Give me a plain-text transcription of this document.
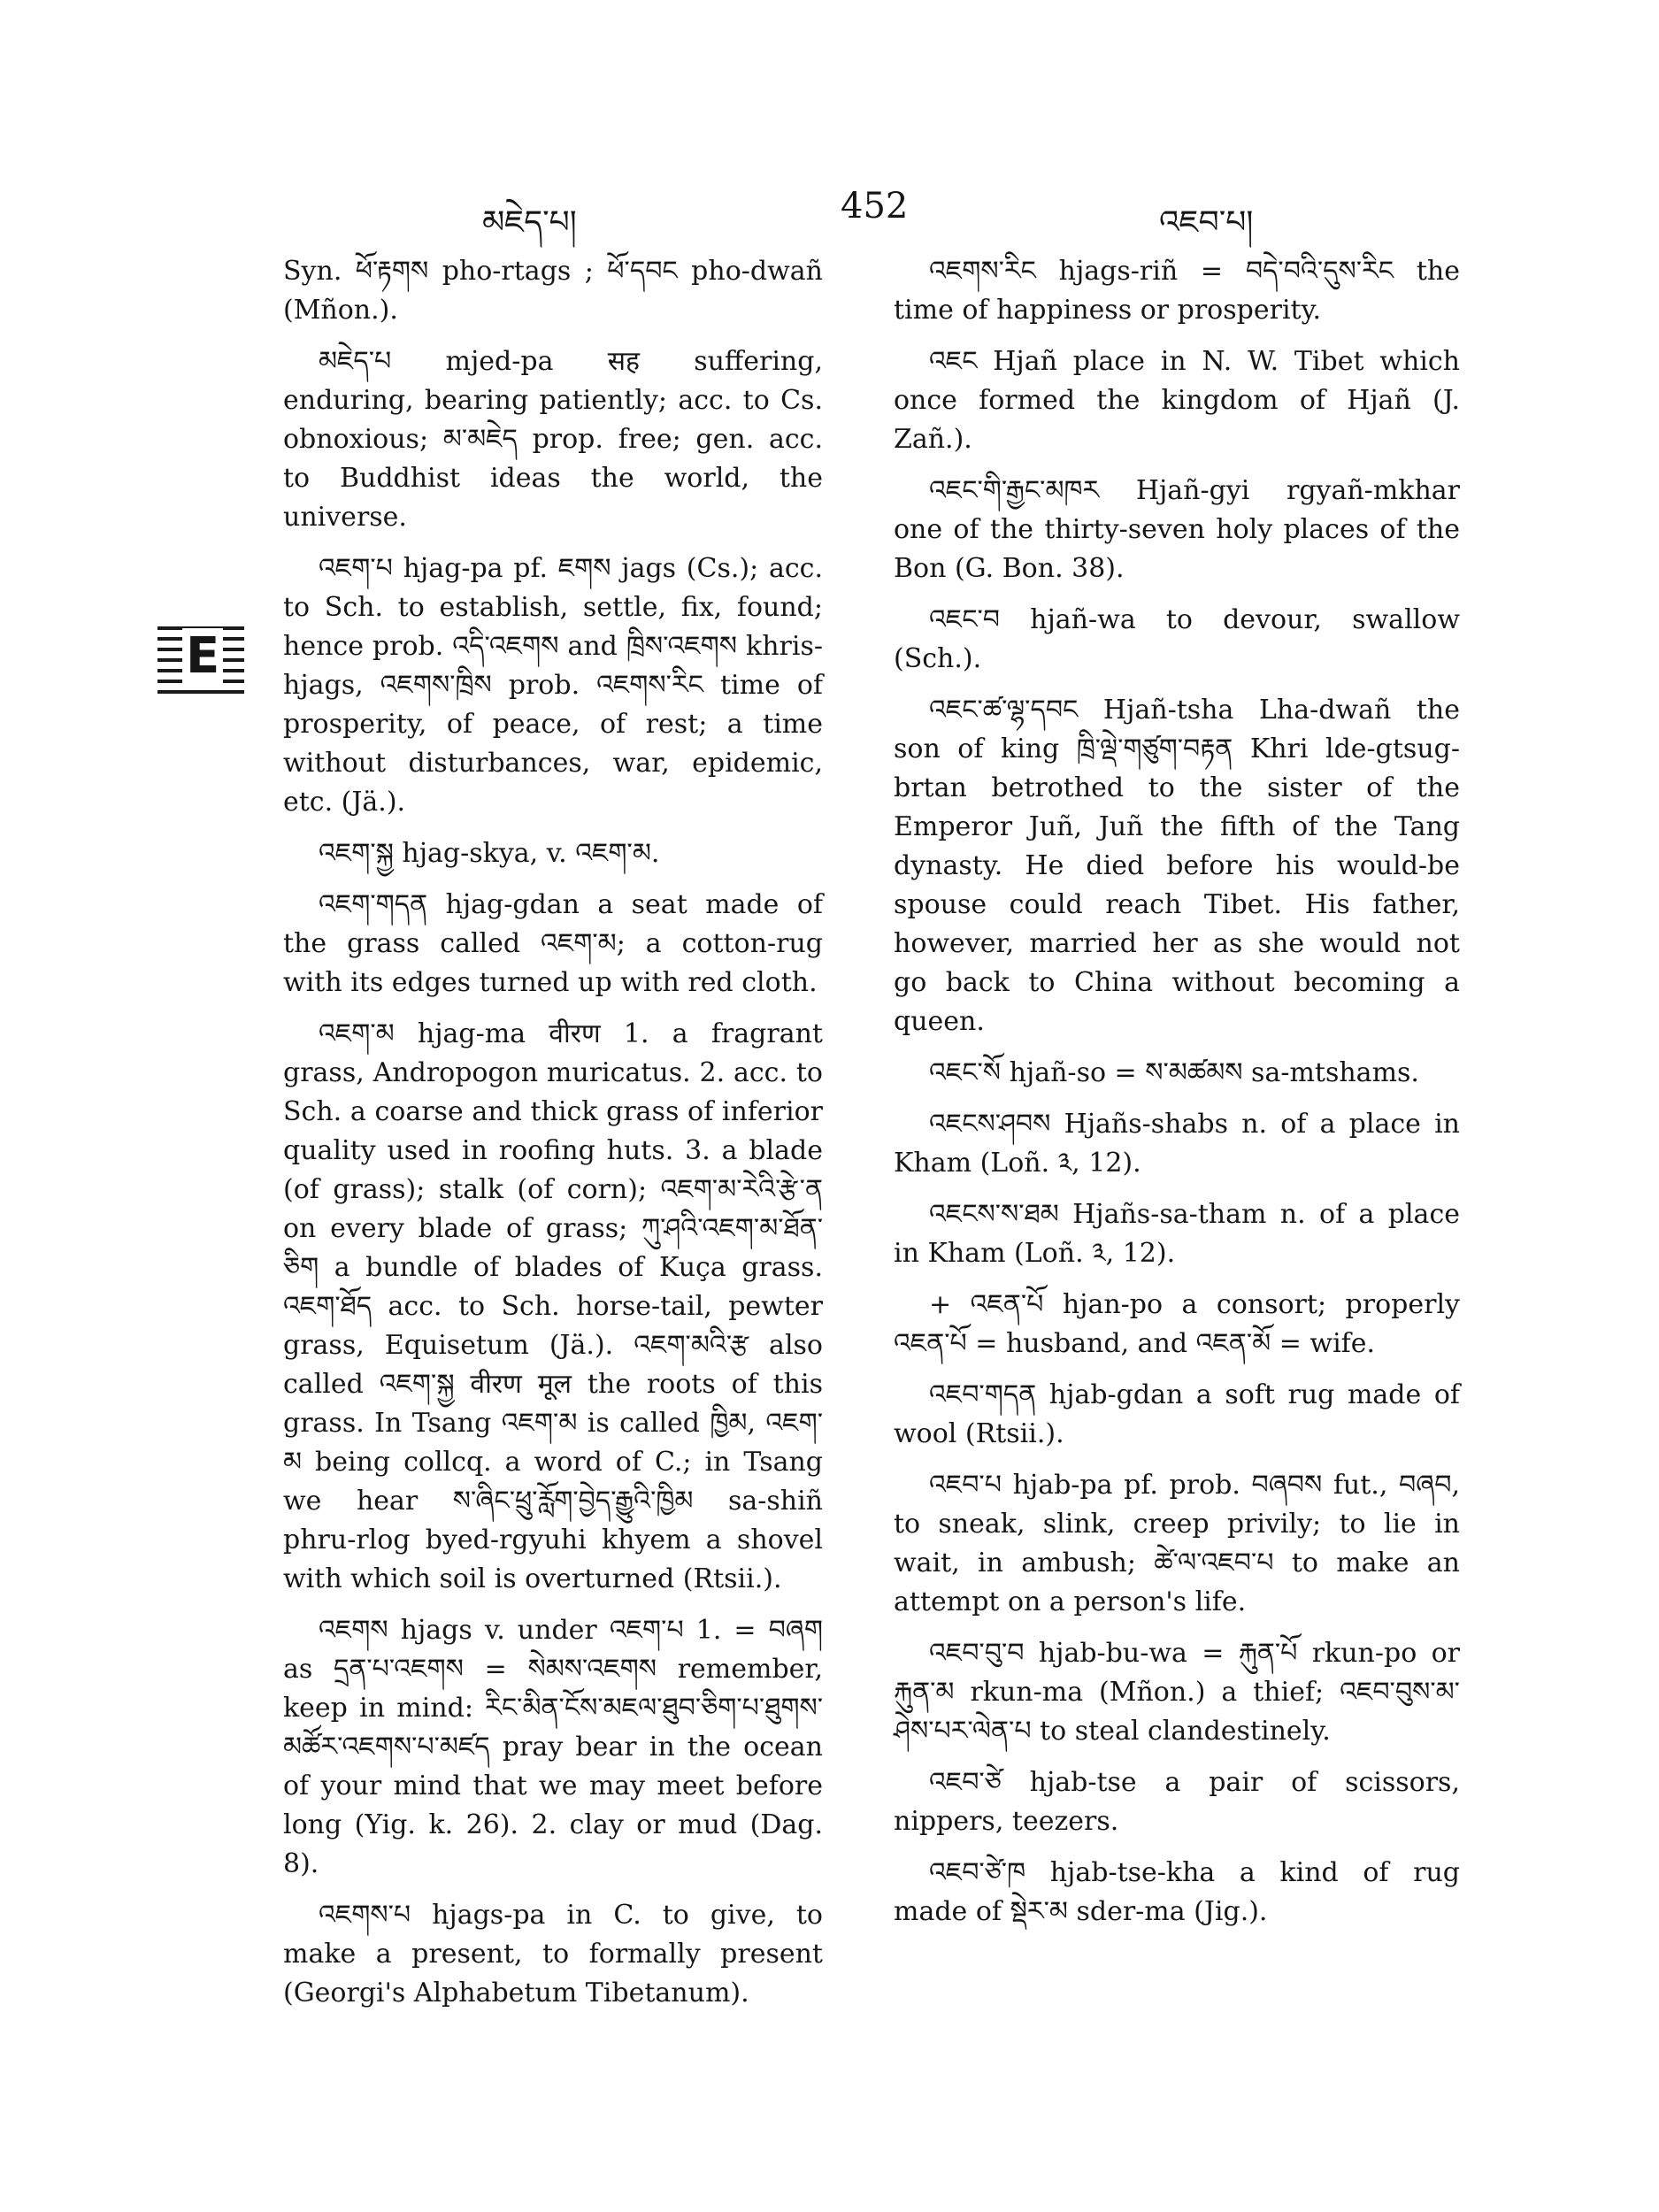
མཇེད་པ།	452	འཇབ་པ།
E

Syn. ཕོ་རྟགས pho-rtags ; ཕོ་དབང pho-dwañ (Mñon.).

མཇེད་པ mjed-pa सह suffering, enduring, bearing patiently; acc. to Cs. obnoxious; མ་མཇེད prop. free; gen. acc. to Buddhist ideas the world, the universe.

འཇག་པ hjag-pa pf. ཇགས jags (Cs.); acc. to Sch. to establish, settle, fix, found; hence prob. འདི་འཇགས and ཁྲིས་འཇགས khris-hjags, འཇགས་ཁྲིས prob. འཇགས་རིང time of prosperity, of peace, of rest; a time without disturbances, war, epidemic, etc. (Jä.).

འཇག་སྐྱ hjag-skya, v. འཇག་མ.

འཇག་གདན hjag-gdan a seat made of the grass called འཇག་མ; a cotton-rug with its edges turned up with red cloth.

འཇག་མ hjag-ma वीरण 1. a fragrant grass, Andropogon muricatus. 2. acc. to Sch. a coarse and thick grass of inferior quality used in roofing huts. 3. a blade (of grass); stalk (of corn); འཇག་མ་རེའི་རྩེ་ན on every blade of grass; ཀུ་ཤའི་འཇག་མ་ཐོན་ཅིག a bundle of blades of Kuça grass. འཇག་ཐོད acc. to Sch. horse-tail, pewter grass, Equisetum (Jä.). འཇག་མའི་རྩ also called འཇག་སྐྱ वीरण मूल the roots of this grass. In Tsang འཇག་མ is called ཁྱིམ, འཇག་མ being collcq. a word of C.; in Tsang we hear ས་ཞིང་ཕྲུ་རློག་བྱེད་རྒྱུའི་ཁྱིམ sa-shiñ phru-rlog byed-rgyuhi khyem a shovel with which soil is overturned (Rtsii.).

འཇགས hjags v. under འཇག་པ 1. = བཞག as དྲན་པ་འཇགས = སེམས་འཇགས remember, keep in mind: རིང་མིན་ངོས་མཇལ་ཐུབ་ཅིག་པ་ཐུགས་མཚོར་འཇགས་པ་མཛད pray bear in the ocean of your mind that we may meet before long (Yig. k. 26). 2. clay or mud (Dag. 8).

འཇགས་པ hjags-pa in C. to give, to make a present, to formally present (Georgi's Alphabetum Tibetanum).

འཇགས་རིང hjags-riñ = བདེ་བའི་དུས་རིང the time of happiness or prosperity.

འཇང Hjañ place in N. W. Tibet which once formed the kingdom of Hjañ (J. Zañ.).

འཇང་གི་རྒྱང་མཁར Hjañ-gyi rgyañ-mkhar one of the thirty-seven holy places of the Bon (G. Bon. 38).

འཇང་བ hjañ-wa to devour, swallow (Sch.).

འཇང་ཚ་ལྷ་དབང Hjañ-tsha Lha-dwañ the son of king ཁྲི་ལྡེ་གཙུག་བརྟན Khri lde-gtsug-brtan betrothed to the sister of the Emperor Juñ, Juñ the fifth of the Tang dynasty. He died before his would-be spouse could reach Tibet. His father, however, married her as she would not go back to China without becoming a queen.

འཇང་སོ hjañ-so = ས་མཚམས sa-mtshams.

འཇངས་ཤབས Hjañs-shabs n. of a place in Kham (Loñ. ༣, 12).

འཇངས་ས་ཐམ Hjañs-sa-tham n. of a place in Kham (Loñ. ༣, 12).

+ འཇན་པོ hjan-po a consort; properly འཇན་པོ = husband, and འཇན་མོ = wife.

འཇབ་གདན hjab-gdan a soft rug made of wool (Rtsii.).

འཇབ་པ hjab-pa pf. prob. བཞབས fut., བཞབ, to sneak, slink, creep privily; to lie in wait, in ambush; ཚེ་ལ་འཇབ་པ to make an attempt on a person's life.

འཇབ་བུ་བ hjab-bu-wa = རྐུན་པོ rkun-po or རྐུན་མ rkun-ma (Mñon.) a thief; འཇབ་བུས་མ་ཤེས་པར་ལེན་པ to steal clandestinely.

འཇབ་ཙེ hjab-tse a pair of scissors, nippers, teezers.

འཇབ་ཙེ་ཁ hjab-tse-kha a kind of rug made of སྡེར་མ sder-ma (Jig.).
